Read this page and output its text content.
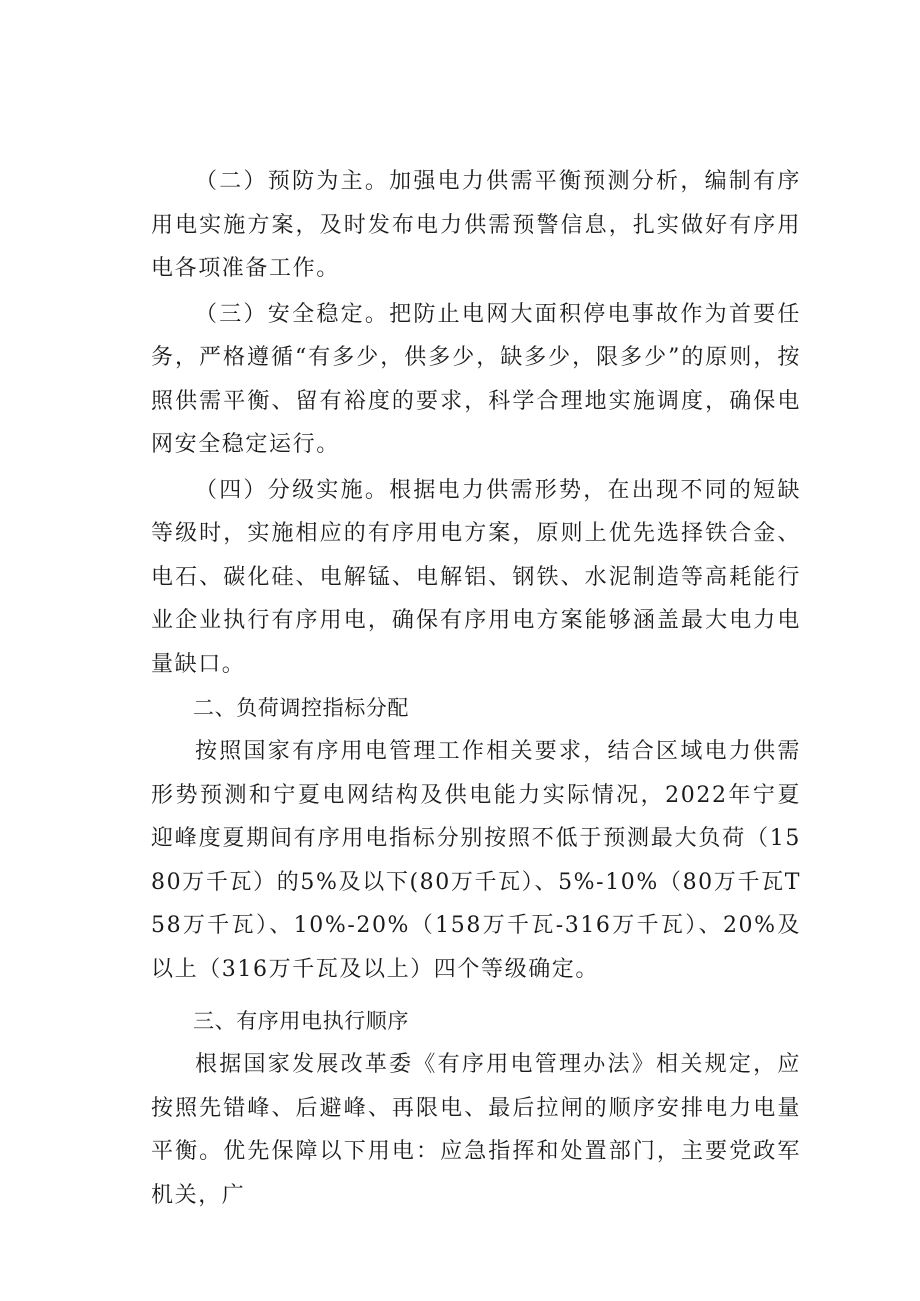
（二）预防为主。加强电力供需平衡预测分析，编制有序用电实施方案，及时发布电力供需预警信息，扎实做好有序用电各项准备工作。

（三）安全稳定。把防止电网大面积停电事故作为首要任务，严格遵循“有多少，供多少，缺多少，限多少”的原则，按照供需平衡、留有裕度的要求，科学合理地实施调度，确保电网安全稳定运行。

（四）分级实施。根据电力供需形势，在出现不同的短缺等级时，实施相应的有序用电方案，原则上优先选择铁合金、电石、碳化硅、电解锰、电解铝、钢铁、水泥制造等高耗能行业企业执行有序用电，确保有序用电方案能够涵盖最大电力电量缺口。

二、负荷调控指标分配

按照国家有序用电管理工作相关要求，结合区域电力供需形势预测和宁夏电网结构及供电能力实际情况，2022年宁夏迎峰度夏期间有序用电指标分别按照不低于预测最大负荷（1580万千瓦）的5%及以下(80万千瓦）、5%-10%（80万千瓦T58万千瓦）、10%-20%（158万千瓦-316万千瓦）、20%及以上（316万千瓦及以上）四个等级确定。

三、有序用电执行顺序

根据国家发展改革委《有序用电管理办法》相关规定，应按照先错峰、后避峰、再限电、最后拉闸的顺序安排电力电量平衡。优先保障以下用电：应急指挥和处置部门，主要党政军机关，广
